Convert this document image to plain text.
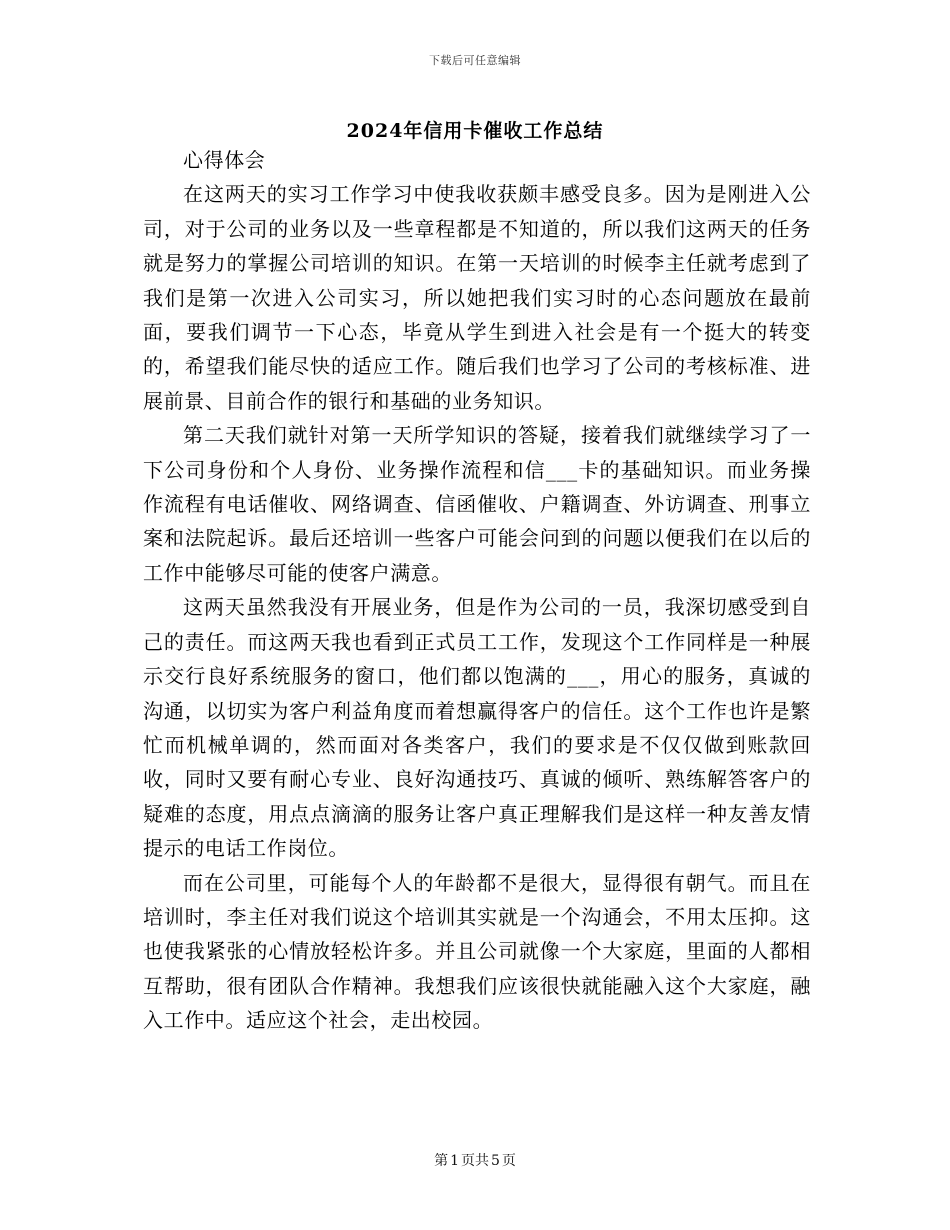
下载后可任意编辑
2024年信用卡催收工作总结

心得体会

在这两天的实习工作学习中使我收获颇丰感受良多。因为是刚进入公司，对于公司的业务以及一些章程都是不知道的，所以我们这两天的任务就是努力的掌握公司培训的知识。在第一天培训的时候李主任就考虑到了我们是第一次进入公司实习，所以她把我们实习时的心态问题放在最前面，要我们调节一下心态，毕竟从学生到进入社会是有一个挺大的转变的，希望我们能尽快的适应工作。随后我们也学习了公司的考核标准、进展前景、目前合作的银行和基础的业务知识。

第二天我们就针对第一天所学知识的答疑，接着我们就继续学习了一下公司身份和个人身份、业务操作流程和信___卡的基础知识。而业务操作流程有电话催收、网络调查、信函催收、户籍调查、外访调查、刑事立案和法院起诉。最后还培训一些客户可能会问到的问题以便我们在以后的工作中能够尽可能的使客户满意。

这两天虽然我没有开展业务，但是作为公司的一员，我深切感受到自己的责任。而这两天我也看到正式员工工作，发现这个工作同样是一种展示交行良好系统服务的窗口，他们都以饱满的___，用心的服务，真诚的沟通，以切实为客户利益角度而着想赢得客户的信任。这个工作也许是繁忙而机械单调的，然而面对各类客户，我们的要求是不仅仅做到账款回收，同时又要有耐心专业、良好沟通技巧、真诚的倾听、熟练解答客户的疑难的态度，用点点滴滴的服务让客户真正理解我们是这样一种友善友情提示的电话工作岗位。

而在公司里，可能每个人的年龄都不是很大，显得很有朝气。而且在培训时，李主任对我们说这个培训其实就是一个沟通会，不用太压抑。这也使我紧张的心情放轻松许多。并且公司就像一个大家庭，里面的人都相互帮助，很有团队合作精神。我想我们应该很快就能融入这个大家庭，融入工作中。适应这个社会，走出校园。

第 1 页共 5 页
